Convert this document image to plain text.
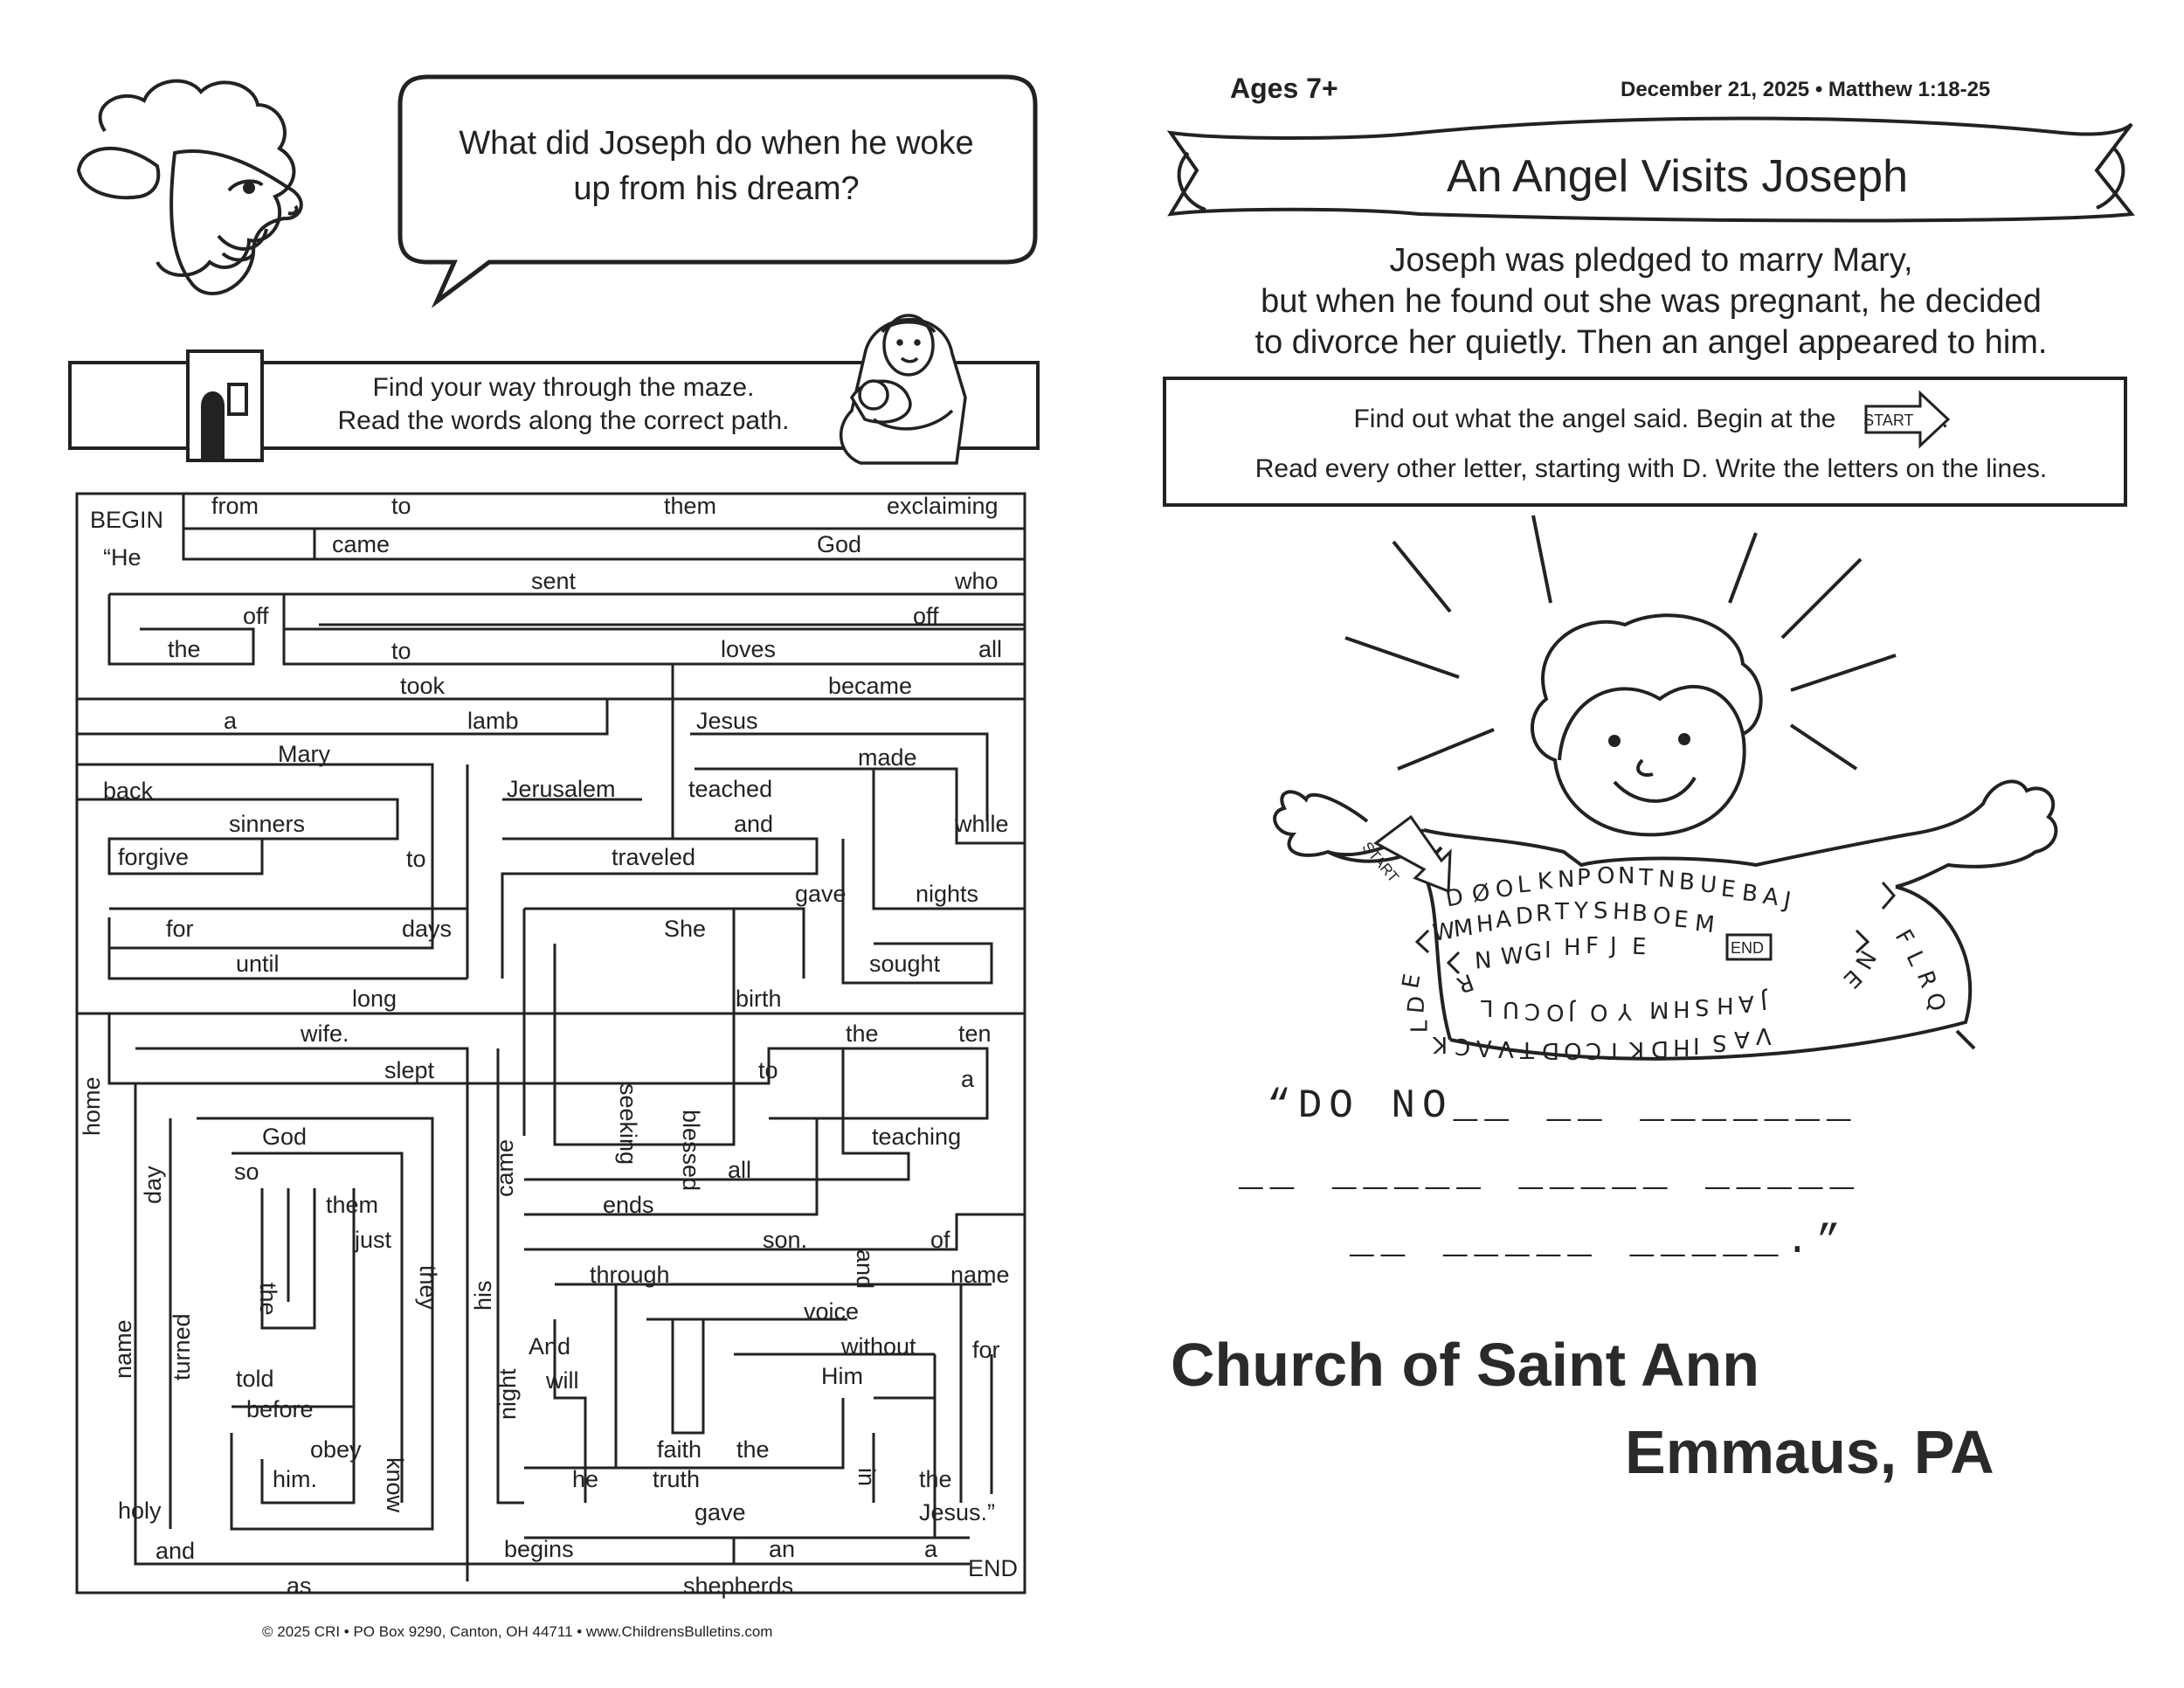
What did Joseph do when he woke up from his dream?
Find your way through the maze.
Read the words along the correct path.
BEGIN
“He
from	to	them	exclaiming
came	God
sent	who
off	off
the	to	loves	all
took	became
a	lamb	Jesus
Mary	made
back	Jerusalem	teached
sinners	and	while
forgive	to	traveled
gave	nights
for	days	She
until	sought
long	birth
wife.	the	ten
slept	to	a
God	teaching
so	all
them	ends
just	son.	of
through	name
voice
And	without for
told	will	Him
before
obey	faith the
him.	he truth	the
holy	gave	Jesus.”
and	begins	an	a
END
as	shepherds
home
day
the	they
came
seeking blessed
and
name turned
his
night
know	in
© 2025 CRI • PO Box 9290, Canton, OH 44711 • www.ChildrensBulletins.com
Ages 7+	December 21, 2025 • Matthew 1:18-25
An Angel Visits Joseph
Joseph was pledged to marry Mary,
but when he found out she was pregnant, he decided
to divorce her quietly. Then an angel appeared to him.
Find out what the angel said. Begin at the START .
Read every other letter, starting with D. Write the letters on the lines.
D Ø O L K N P O N T N B U E B A J
W
M H A D R T Y S H B O E M
N W G I H F J E	F
L
R
Q
N
E
J
A
H
S
H
M
Y
O
J
O
C
U
L
R
E
D
L
K C A V T D O C T K D H I S A V
START
END
“DO NO__ __ _______
__ _____ _____ _____
__ _____ _____.”
Church of Saint Ann
Emmaus, PA
